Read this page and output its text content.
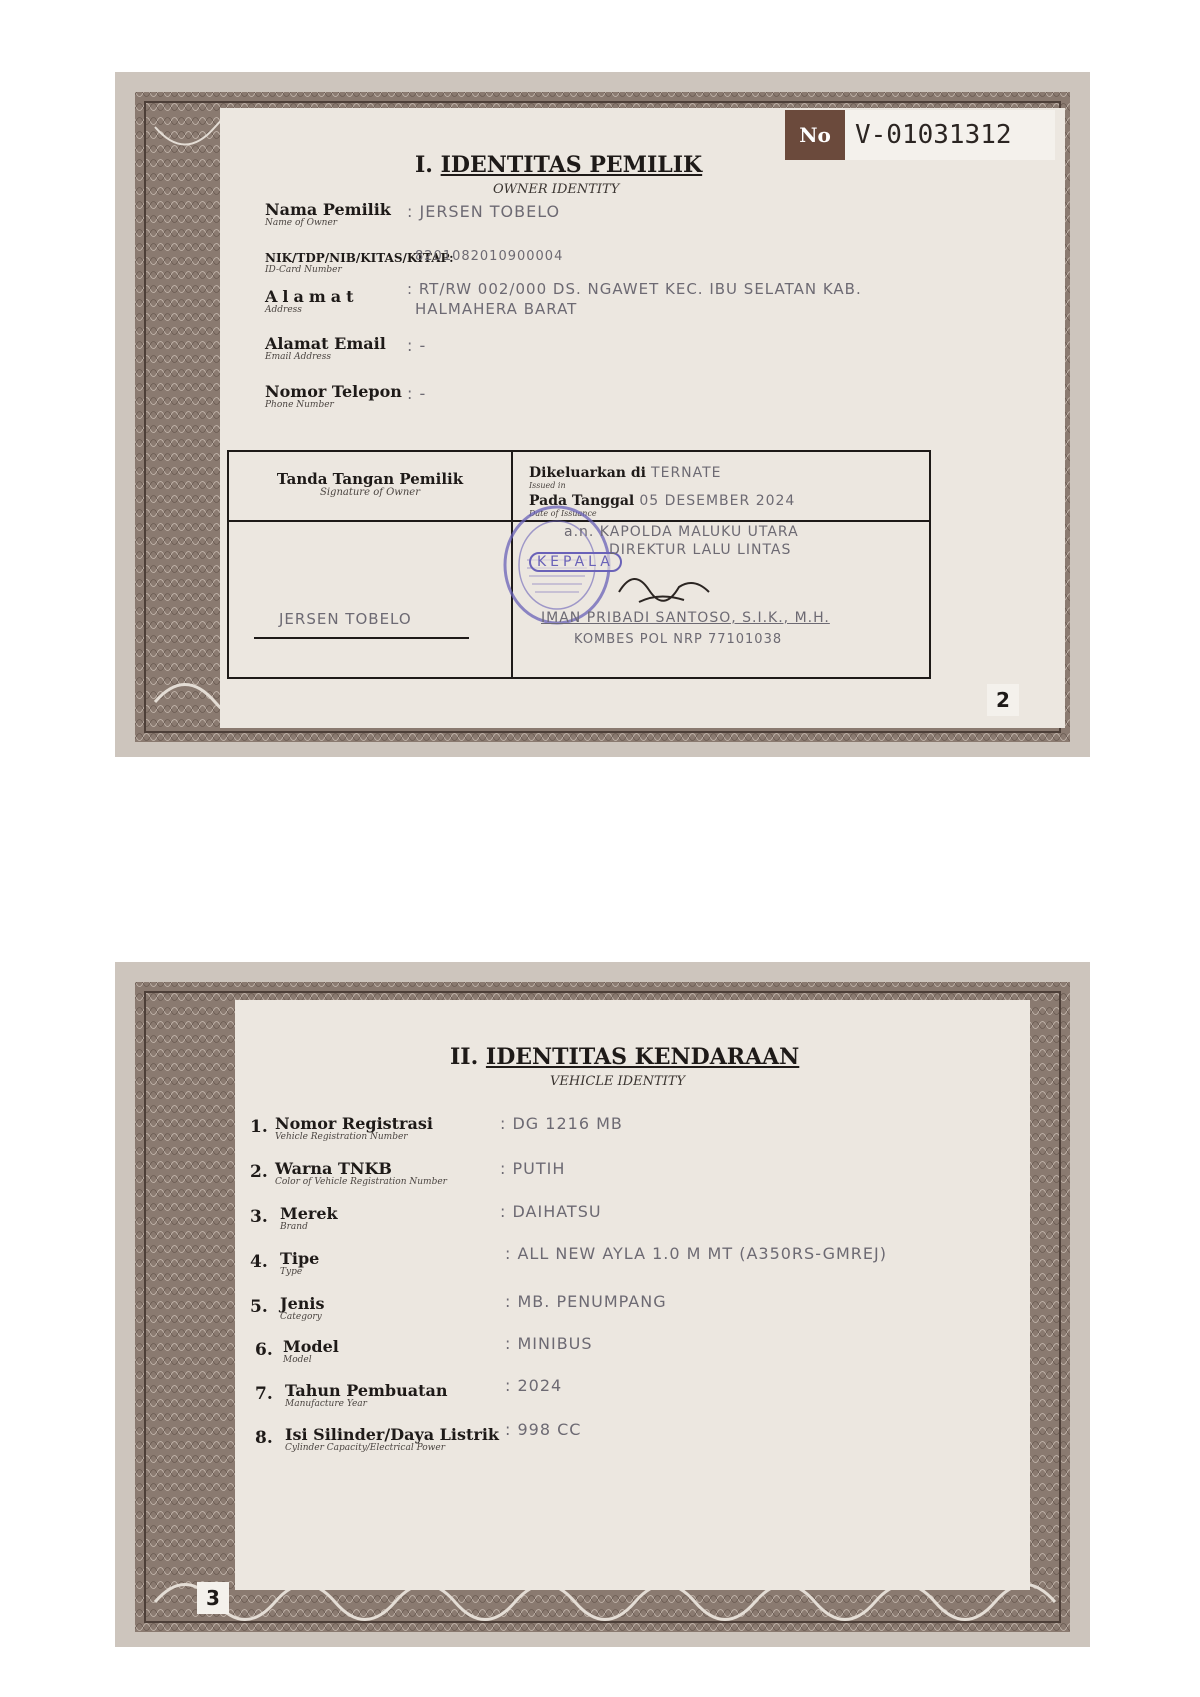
I. IDENTITAS PEMILIK
OWNER IDENTITY
No V-01031312
Nama Pemilik
Name of Owner
: JERSEN TOBELO
NIK/TDP/NIB/KITAS/KITAP:
ID-Card Number
8201082010900004
Alamat
Address
: RT/RW 002/000 DS. NGAWET KEC. IBU SELATAN KAB.
HALMAHERA BARAT
Alamat Email
Email Address
: -
Nomor Telepon
Phone Number
: -
Tanda Tangan Pemilik
Signature of Owner
JERSEN TOBELO
Dikeluarkan di TERNATE
Issued in
Pada Tanggal 05 DESEMBER 2024
Date of Issuance
KEPALA
a.n. KAPOLDA MALUKU UTARA
DIREKTUR LALU LINTAS
IMAN PRIBADI SANTOSO, S.I.K., M.H.
KOMBES POL NRP 77101038
2
II. IDENTITAS KENDARAAN
VEHICLE IDENTITY
1. Nomor Registrasi
Vehicle Registration Number
: DG 1216 MB
2. Warna TNKB
Color of Vehicle Registration Number
: PUTIH
3. Merek
Brand
: DAIHATSU
4. Tipe
Type
: ALL NEW AYLA 1.0 M MT (A350RS-GMREJ)
5. Jenis
Category
: MB. PENUMPANG
6. Model
Model
: MINIBUS
7. Tahun Pembuatan
Manufacture Year
: 2024
8. Isi Silinder/Daya Listrik
Cylinder Capacity/Electrical Power
: 998 CC
3
